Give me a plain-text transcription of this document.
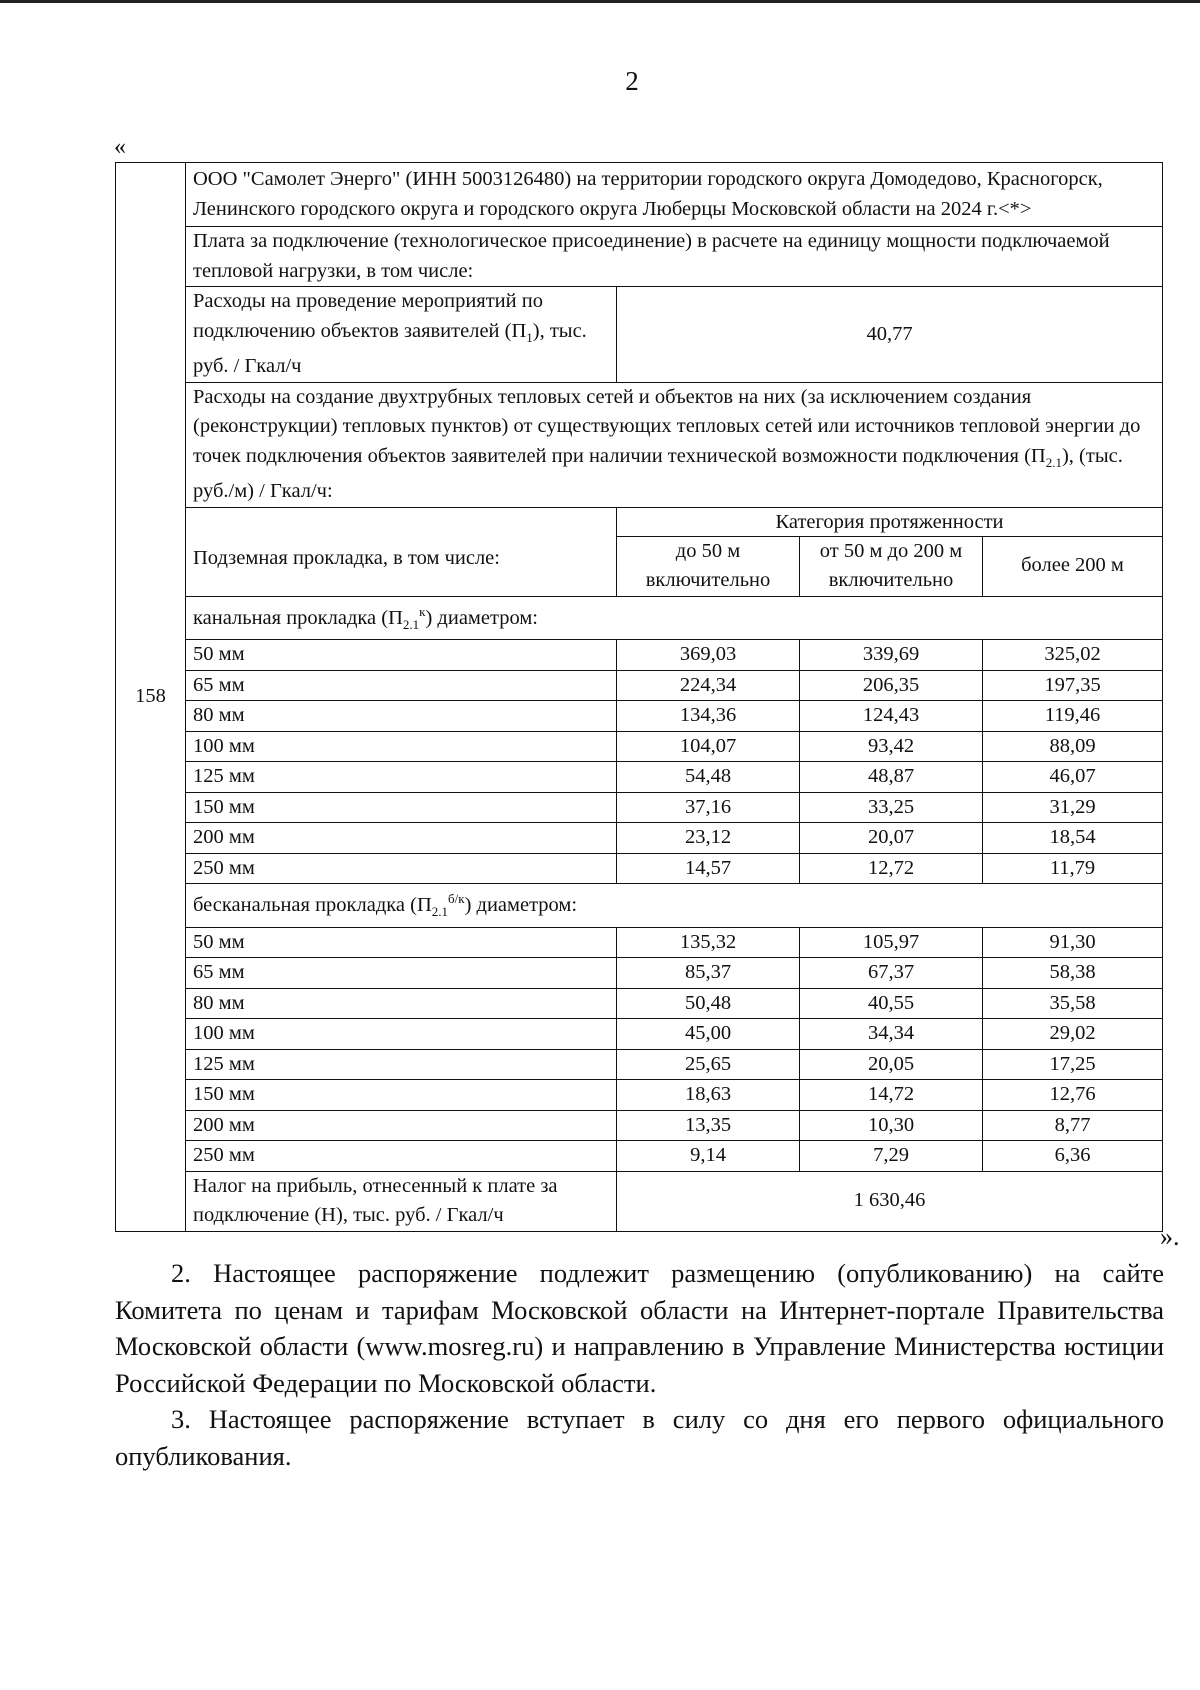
2
«
158	ООО "Самолет Энерго" (ИНН 5003126480) на территории городского округа Домодедово, Красногорск, Ленинского городского округа и городского округа Люберцы Московской области на 2024 г.<*>			
	Плата за подключение (технологическое присоединение) в расчете на единицу мощности подключаемой тепловой нагрузки, в том числе:			
	Расходы на проведение мероприятий по подключению объектов заявителей $(П_1)$, тыс. руб. / Гкал/ч	40,77		
	Расходы на создание двухтрубных тепловых сетей и объектов на них (за исключением создания (реконструкции) тепловых пунктов) от существующих тепловых сетей или источников тепловой энергии до точек подключения объектов заявителей при наличии технической возможности подключения $(П_{2.1})$, (тыс. руб./м) / Гкал/ч:			
	Подземная прокладка, в том числе:	Категория протяженности		
		до 50 м включительно	от 50 м до 200 м включительно	более 200 м
	канальная прокладка $(П_{2.1}^к)$ диаметром:			
	50 мм	369,03	339,69	325,02
	65 мм	224,34	206,35	197,35
	80 мм	134,36	124,43	119,46
	100 мм	104,07	93,42	88,09
	125 мм	54,48	48,87	46,07
	150 мм	37,16	33,25	31,29
	200 мм	23,12	20,07	18,54
	250 мм	14,57	12,72	11,79
	бесканальная прокладка $(П_{2.1}^{б/к})$ диаметром:			
	50 мм	135,32	105,97	91,30
	65 мм	85,37	67,37	58,38
	80 мм	50,48	40,55	35,58
	100 мм	45,00	34,34	29,02
	125 мм	25,65	20,05	17,25
	150 мм	18,63	14,72	12,76
	200 мм	13,35	10,30	8,77
	250 мм	9,14	7,29	6,36
	Налог на прибыль, отнесенный к плате за подключение (Н), тыс. руб. / Гкал/ч	1 630,46		
».
2. Настоящее распоряжение подлежит размещению (опубликованию) на сайте Комитета по ценам и тарифам Московской области на Интернет-портале Правительства Московской области (www.mosreg.ru) и направлению в Управление Министерства юстиции Российской Федерации по Московской области.
3. Настоящее распоряжение вступает в силу со дня его первого официального опубликования.
